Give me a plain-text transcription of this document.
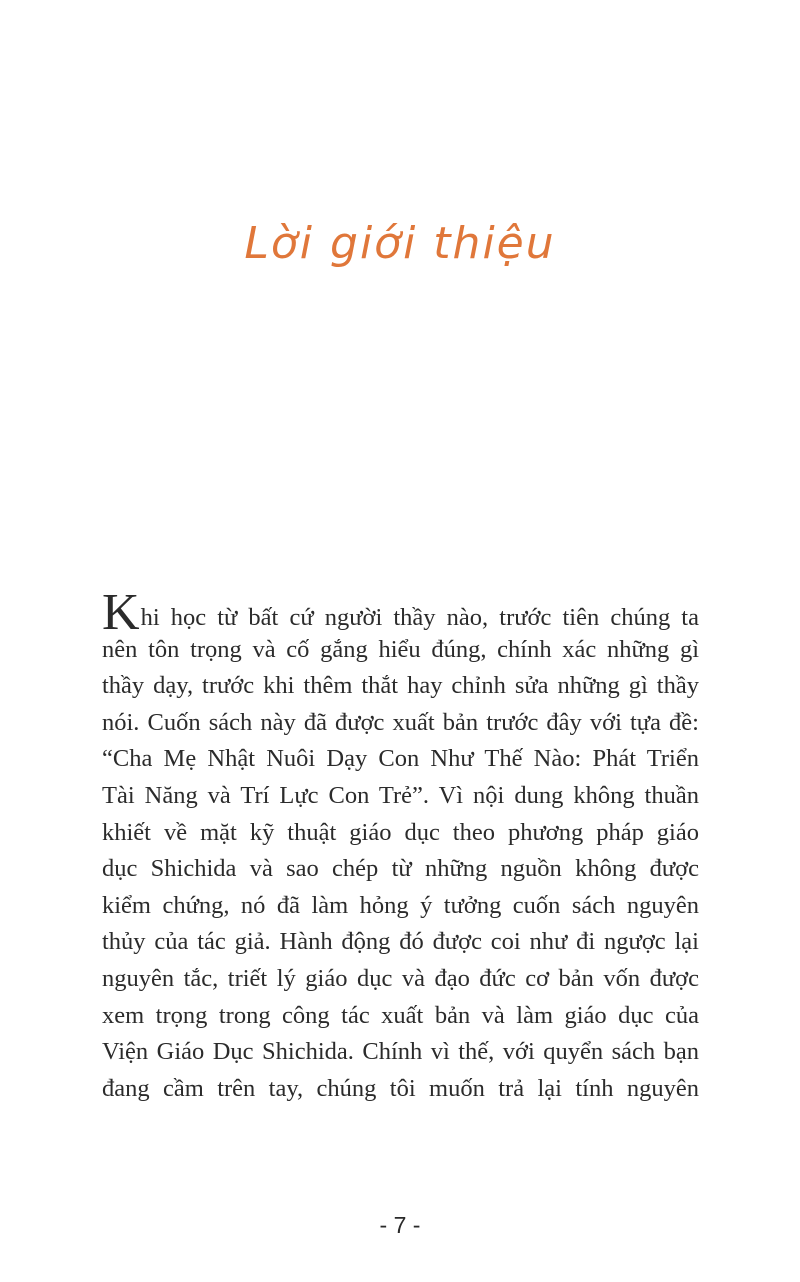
Lời giới thiệu
Khi học từ bất cứ người thầy nào, trước tiên chúng ta
nên tôn trọng và cố gắng hiểu đúng, chính xác những gì
thầy dạy, trước khi thêm thắt hay chỉnh sửa những gì thầy
nói. Cuốn sách này đã được xuất bản trước đây với tựa đề:
“Cha Mẹ Nhật Nuôi Dạy Con Như Thế Nào: Phát Triển
Tài Năng và Trí Lực Con Trẻ”. Vì nội dung không thuần
khiết về mặt kỹ thuật giáo dục theo phương pháp giáo
dục Shichida và sao chép từ những nguồn không được
kiểm chứng, nó đã làm hỏng ý tưởng cuốn sách nguyên
thủy của tác giả. Hành động đó được coi như đi ngược lại
nguyên tắc, triết lý giáo dục và đạo đức cơ bản vốn được
xem trọng trong công tác xuất bản và làm giáo dục của
Viện Giáo Dục Shichida. Chính vì thế, với quyển sách bạn
đang cầm trên tay, chúng tôi muốn trả lại tính nguyên
- 7 -
